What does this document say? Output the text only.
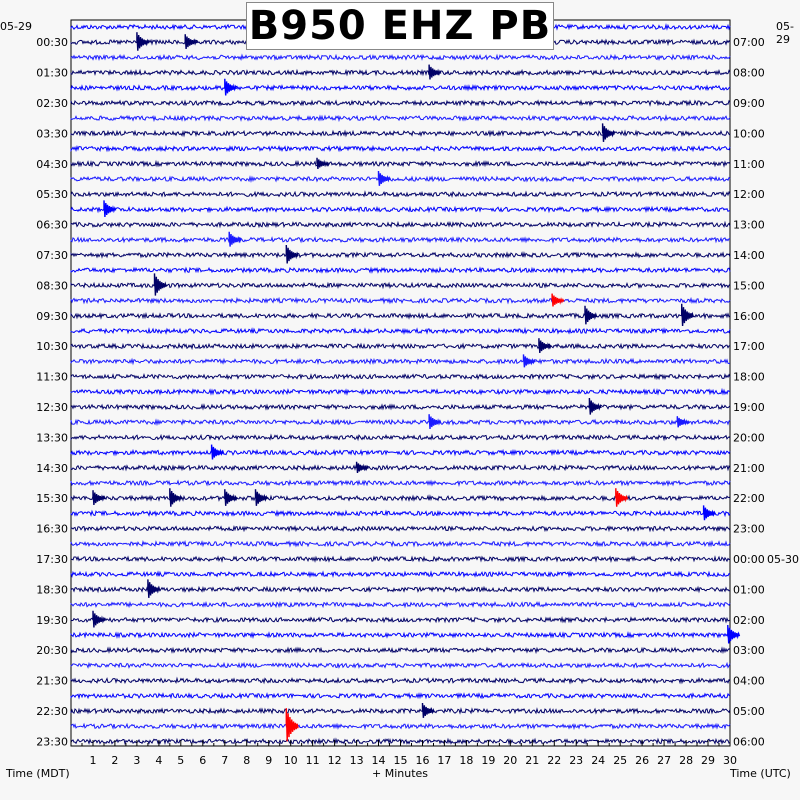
1 2 3 4 5 6 7 8 9 10 11 12 13 14 15 16 17 18 19 20 21 22 23 24 25 26 27 28 29 30
00:30
01:30
02:30
03:30
04:30
05:30
06:30
07:30
08:30
09:30
10:30
11:30
12:30
13:30
14:30
15:30
16:30
17:30
18:30
19:30
20:30
21:30
22:30
23:30
07:00
08:00
09:00
10:00
11:00
12:00
13:00
14:00
15:00
16:00
17:00
18:00
19:00
20:00
21:00
22:00
23:00
00:00
01:00
02:00
03:00
04:00
05:00
06:00
B950 EHZ PB
05-29	05-29
05-30
Time (MDT)	+ Minutes	Time (UTC)
